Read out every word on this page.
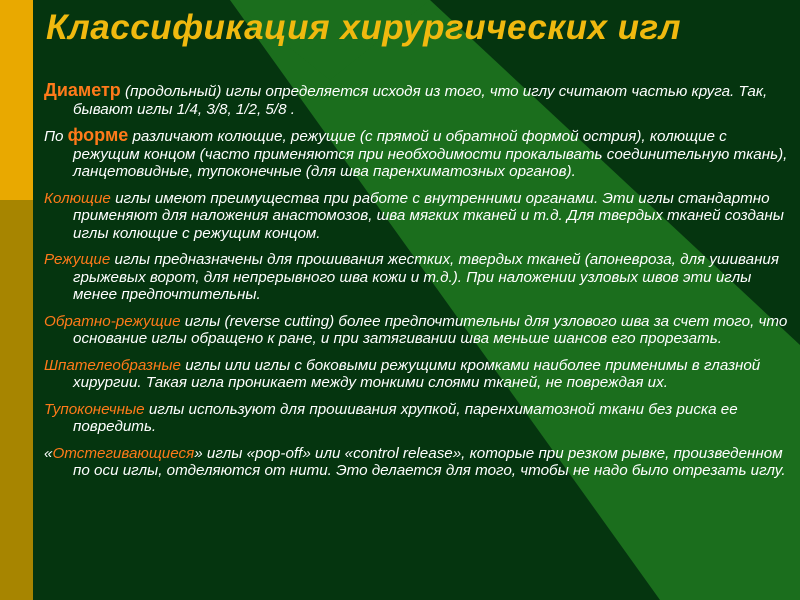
Классификация хирургических игл

Диаметр (продольный) иглы определяется исходя из того, что иглу считают частью круга. Так, бывают иглы 1/4, 3/8, 1/2, 5/8 .

По форме различают колющие, режущие (с прямой и обратной формой острия), колющие с режущим концом (часто применяются при необходимости прокалывать соединительную ткань), ланцетовидные, тупоконечные (для шва паренхиматозных органов).

Колющие иглы имеют преимущества при работе с внутренними органами. Эти иглы стандартно применяют для наложения анастомозов, шва мягких тканей и т.д. Для твердых тканей созданы иглы колющие с режущим концом.

Режущие иглы предназначены для прошивания жестких, твердых тканей (апоневроза, для ушивания грыжевых ворот, для непрерывного шва кожи и т.д.). При наложении узловых швов эти иглы менее предпочтительны.

Обратно-режущие иглы (reverse cutting) более предпочтительны для узлового шва за счет того, что основание иглы обращено к ране, и при затягивании шва меньше шансов его прорезать.

Шпателеобразные иглы или иглы с боковыми режущими кромками наиболее применимы в глазной хирургии. Такая игла проникает между тонкими слоями тканей, не повреждая их.

Тупоконечные иглы используют для прошивания хрупкой, паренхиматозной ткани без риска ее повредить.

«Отстегивающиеся» иглы «pop-off» или «control release», которые при резком рывке, произведенном по оси иглы, отделяются от нити. Это делается для того, чтобы не надо было отрезать иглу.
